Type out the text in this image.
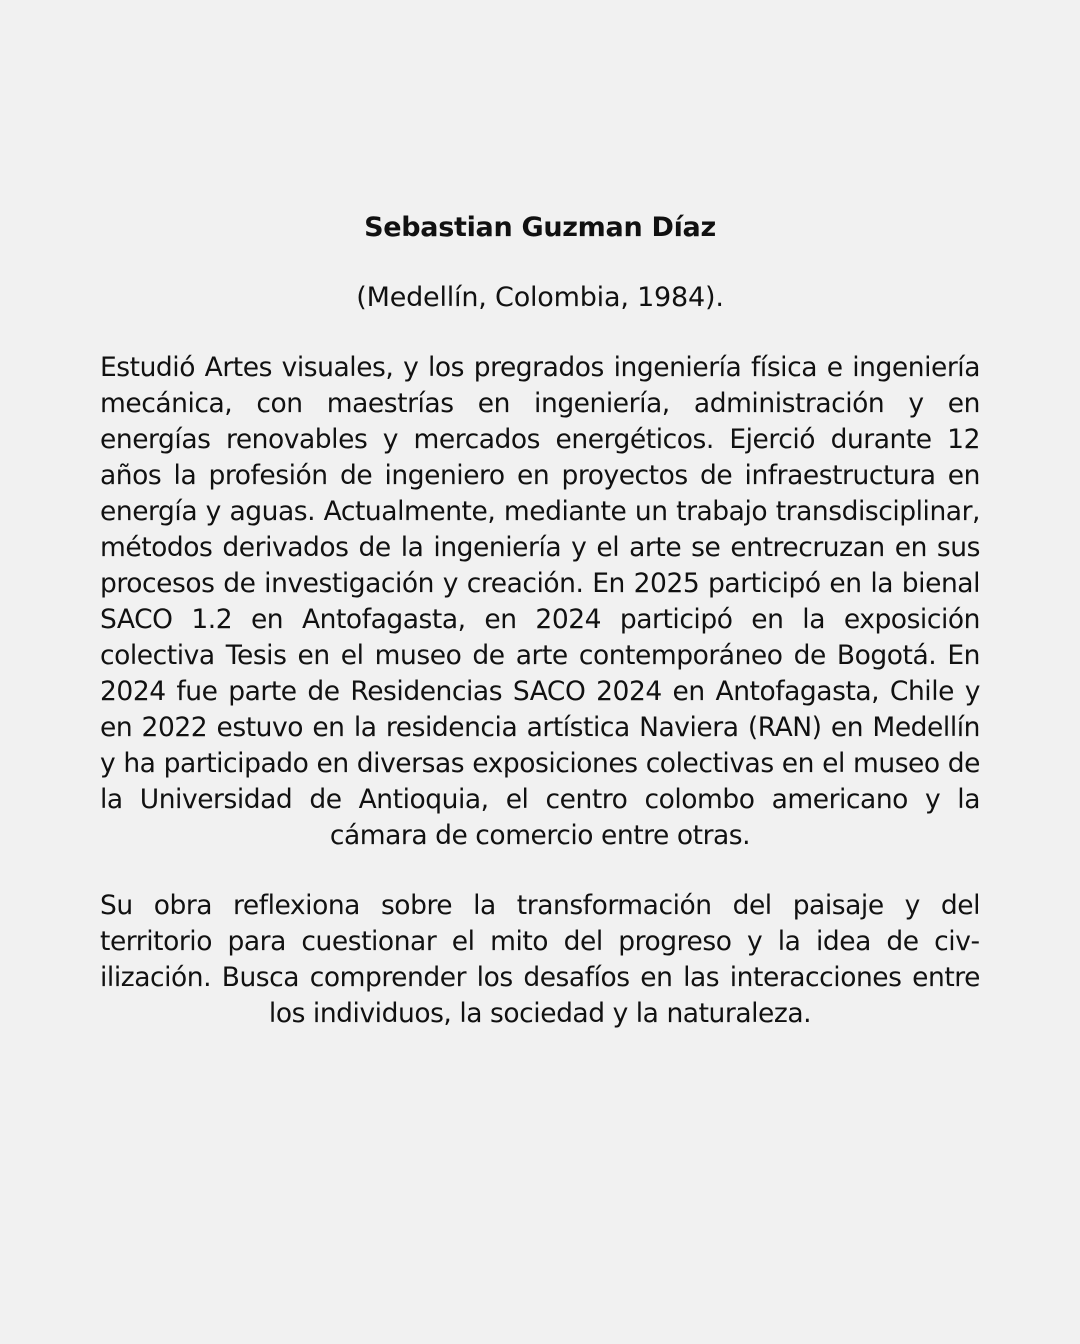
Sebastian Guzman Díaz

(Medellín, Colombia, 1984).

Estudió Artes visuales, y los pregrados ingeniería física e ingeniería mecánica, con maestrías en ingeniería, administración y en energías renovables y mercados energéticos. Ejerció durante 12 años la profesión de ingeniero en proyectos de infraestructura en energía y aguas. Actualmente, mediante un trabajo transdisciplinar, métodos derivados de la ingeniería y el arte se entrecruzan en sus procesos de investigación y creación. En 2025 participó en la bienal SACO 1.2 en Antofagasta, en 2024 participó en la exposición colectiva Tesis en el museo de arte contemporáneo de Bogotá. En 2024 fue parte de Residencias SACO 2024 en Antofagasta, Chile y en 2022 estuvo en la residencia artística Naviera (RAN) en Medellín y ha participado en diversas exposiciones colectivas en el museo de la Universidad de Antioquia, el centro colombo americano y la cámara de comercio entre otras.

Su obra reflexiona sobre la transformación del paisaje y del territorio para cuestionar el mito del progreso y la idea de civilización. Busca comprender los desafíos en las interacciones entre los individuos, la sociedad y la naturaleza.
